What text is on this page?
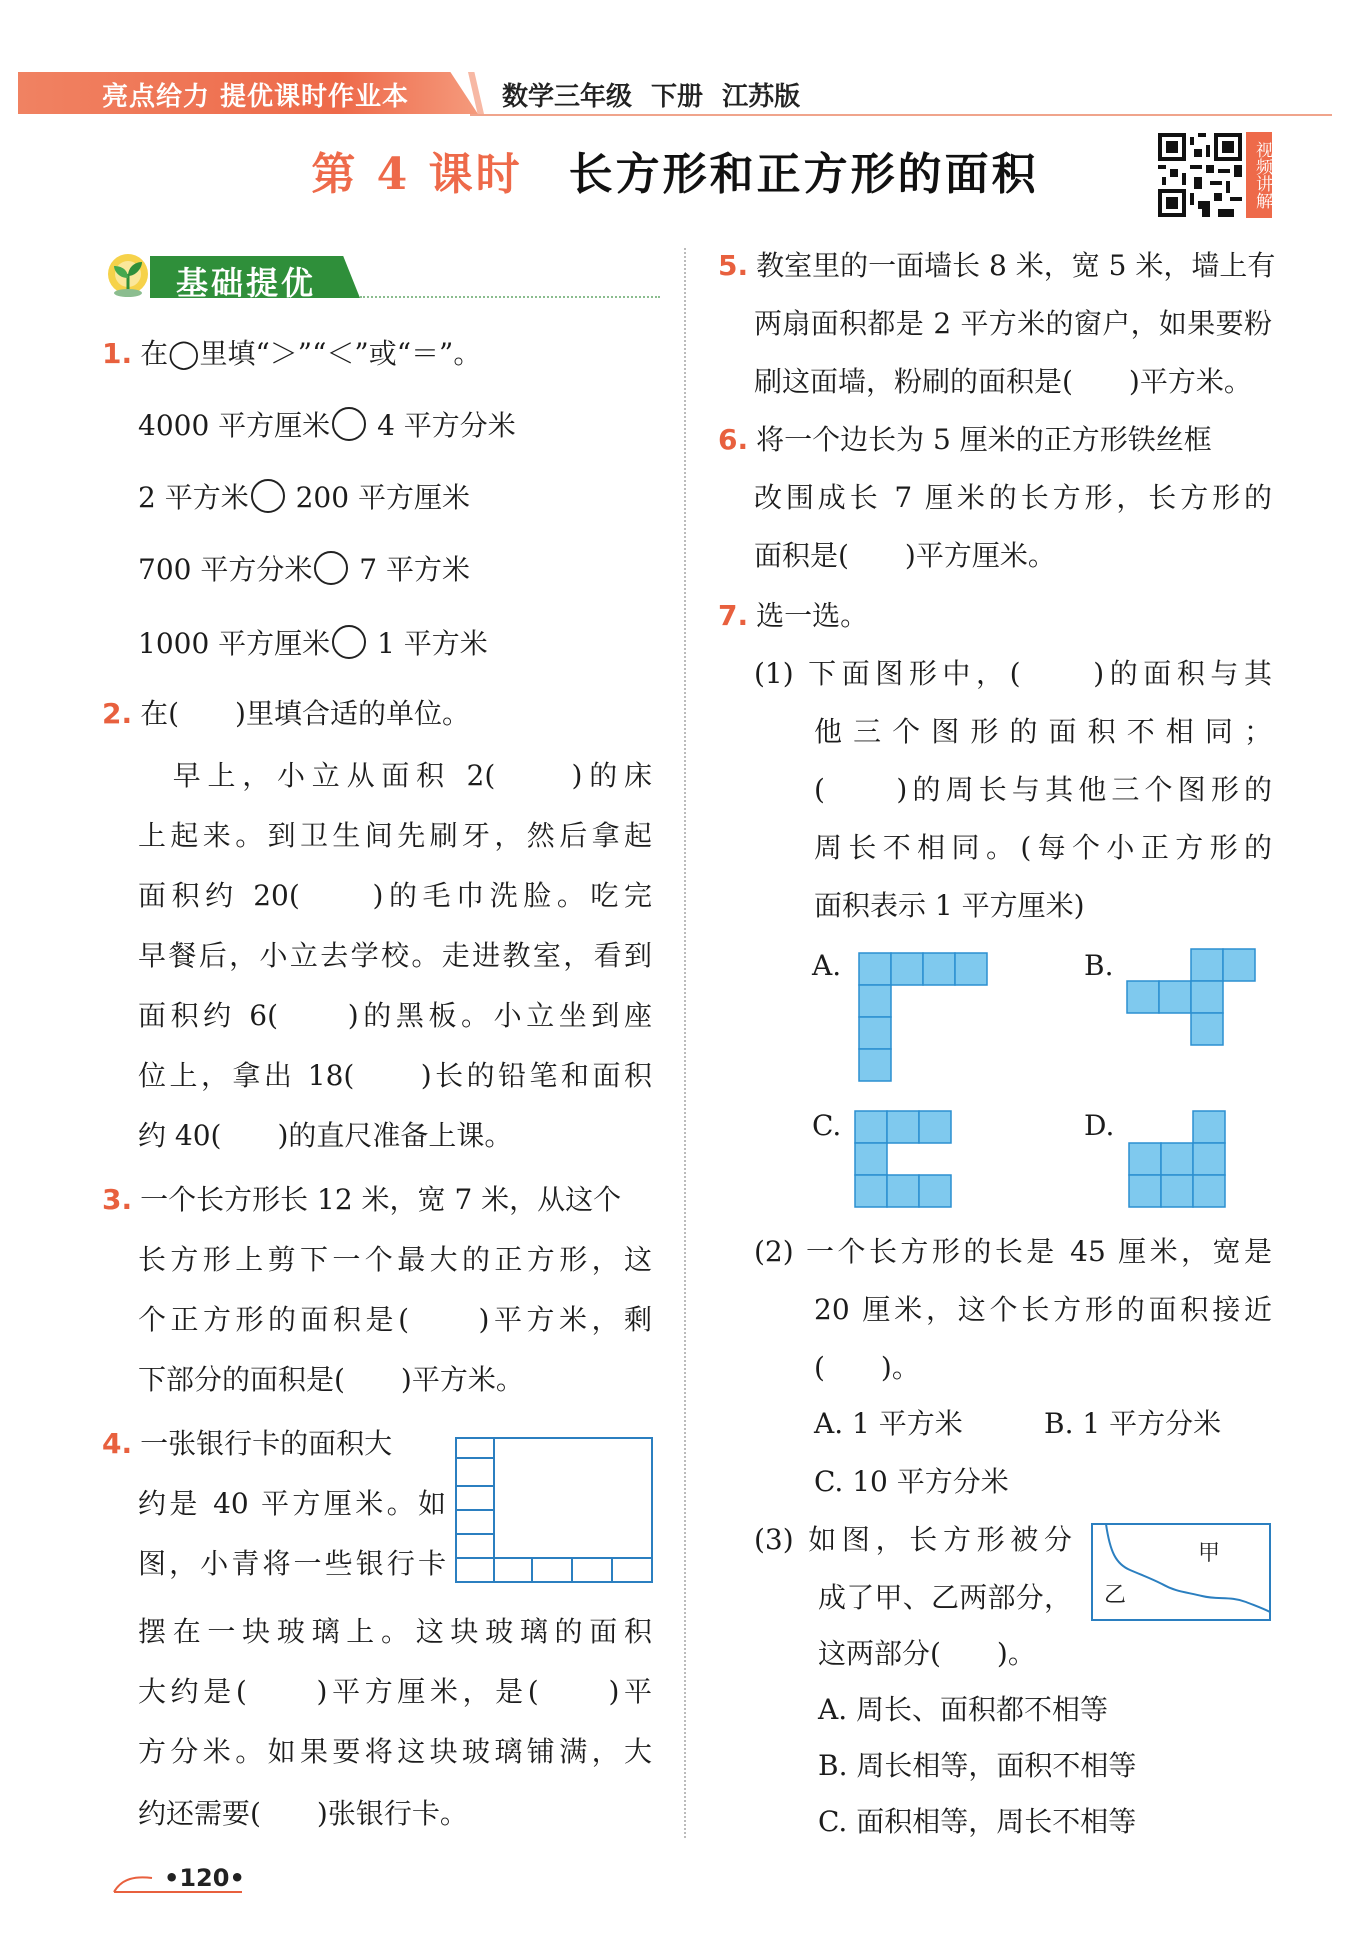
亮点给力 提优课时作业本	数学三年级 下册 江苏版
第 4 课时 长方形和正方形的面积	视频讲解
基础提优
1. 在◯里填“＞”“＜”或“＝”。
4000 平方厘米 4 平方分米
2 平方米 200 平方厘米
700 平方分米 7 平方米
1000 平方厘米 1 平方米
2. 在(　　)里填合适的单位。
　早上，小立从面积 2(　　)的床
上起来。到卫生间先刷牙，然后拿起
面积约 20(　　)的毛巾洗脸。吃完
早餐后，小立去学校。走进教室，看到
面积约 6(　　)的黑板。小立坐到座
位上，拿出 18(　　)长的铅笔和面积
约 40(　　)的直尺准备上课。
3. 一个长方形长 12 米，宽 7 米，从这个
长方形上剪下一个最大的正方形，这
个正方形的面积是(　　)平方米，剩
下部分的面积是(　　)平方米。
4. 一张银行卡的面积大
约是 40 平方厘米。如
图，小青将一些银行卡
摆在一块玻璃上。这块玻璃的面积
大约是(　　)平方厘米，是(　　)平
方分米。如果要将这块玻璃铺满，大
约还需要(　　)张银行卡。
5. 教室里的一面墙长 8 米，宽 5 米，墙上有
两扇面积都是 2 平方米的窗户，如果要粉
刷这面墙，粉刷的面积是(　　)平方米。
6. 将一个边长为 5 厘米的正方形铁丝框
改围成长 7 厘米的长方形，长方形的
面积是(　　)平方厘米。
7. 选一选。
(1) 下面图形中，(　　)的面积与其
他三个图形的面积不相同；
(　　)的周长与其他三个图形的
周长不相同。(每个小正方形的
面积表示 1 平方厘米)
A.	B.
C.	D.
(2) 一个长方形的长是 45 厘米，宽是
20 厘米，这个长方形的面积接近
(　　)。
A. 1 平方米	B. 1 平方分米
C. 10 平方分米
(3) 如图，长方形被分
成了甲、乙两部分，
这两部分(　　)。
甲
乙
A. 周长、面积都不相等
B. 周长相等，面积不相等
C. 面积相等，周长不相等
•120•
